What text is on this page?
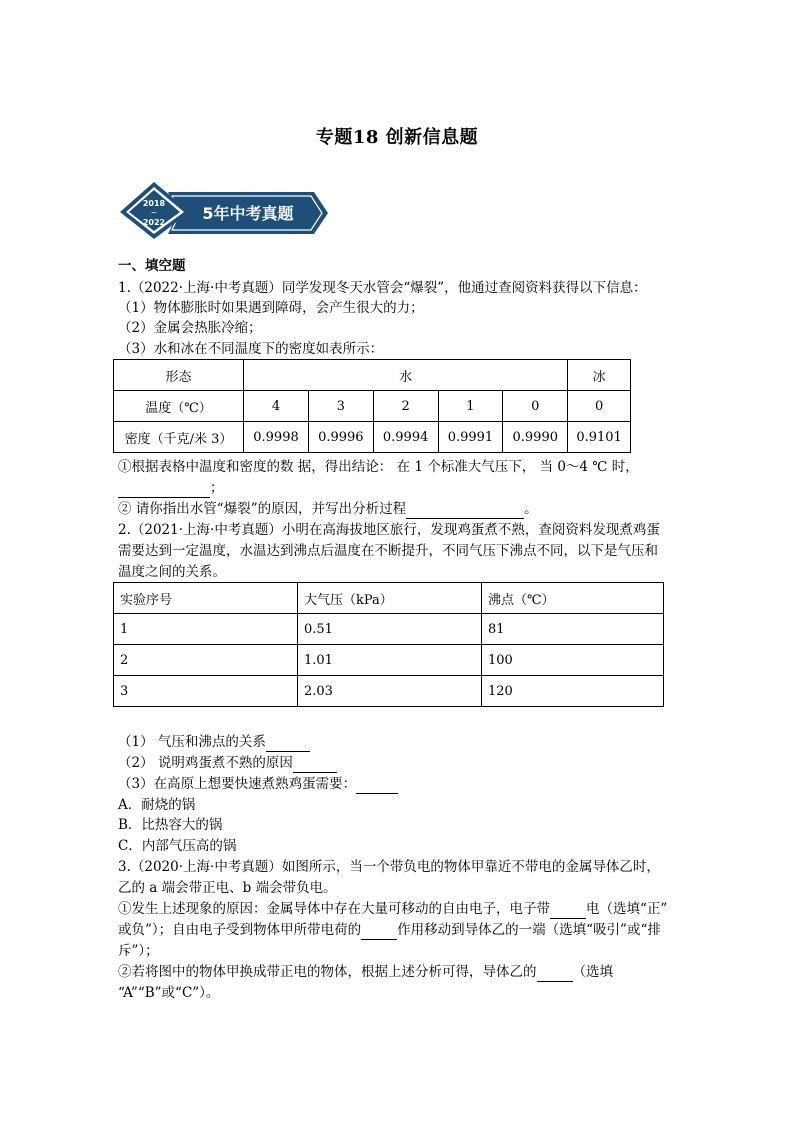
专题18 创新信息题
2018
~
2022 5年中考真题
一、填空题
1.（2022·上海·中考真题）同学发现冬天水管会“爆裂”，他通过查阅资料获得以下信息：
（1）物体膨胀时如果遇到障碍，会产生很大的力；
（2）金属会热胀冷缩；
（3）水和冰在不同温度下的密度如表所示：
形态	水					冰
温度（℃）	4	3	2	1	0	0
密度（千克/米 3）	0.9998	0.9996	0.9994	0.9991	0.9990	0.9101
①根据表格中温度和密度的数 据，得出结论： 在 1 个标准大气压下， 当 0～4 ℃ 时，
；
② 请你指出水管“爆裂”的原因，并写出分析过程	。
2.（2021·上海·中考真题）小明在高海拔地区旅行，发现鸡蛋煮不熟，查阅资料发现煮鸡蛋
需要达到一定温度，水温达到沸点后温度在不断提升，不同气压下沸点不同，以下是气压和
温度之间的关系。
实验序号	大气压（kPa）	沸点（℃）
1	0.51	81
2	1.01	100
3	2.03	120
（1） 气压和沸点的关系
（2） 说明鸡蛋煮不熟的原因
（3）在高原上想要快速煮熟鸡蛋需要：
A．耐烧的锅
B．比热容大的锅
C．内部气压高的锅
3.（2020·上海·中考真题）如图所示，当一个带负电的物体甲靠近不带电的金属导体乙时，
乙的 a 端会带正电、b 端会带负电。
①发生上述现象的原因：金属导体中存在大量可移动的自由电子，电子带	电（选填“正”
或负”）；自由电子受到物体甲所带电荷的	作用移动到导体乙的一端（选填“吸引”或“排
斥”）；
②若将图中的物体甲换成带正电的物体，根据上述分析可得，导体乙的	（选填
“A”“B”或“C”）。
